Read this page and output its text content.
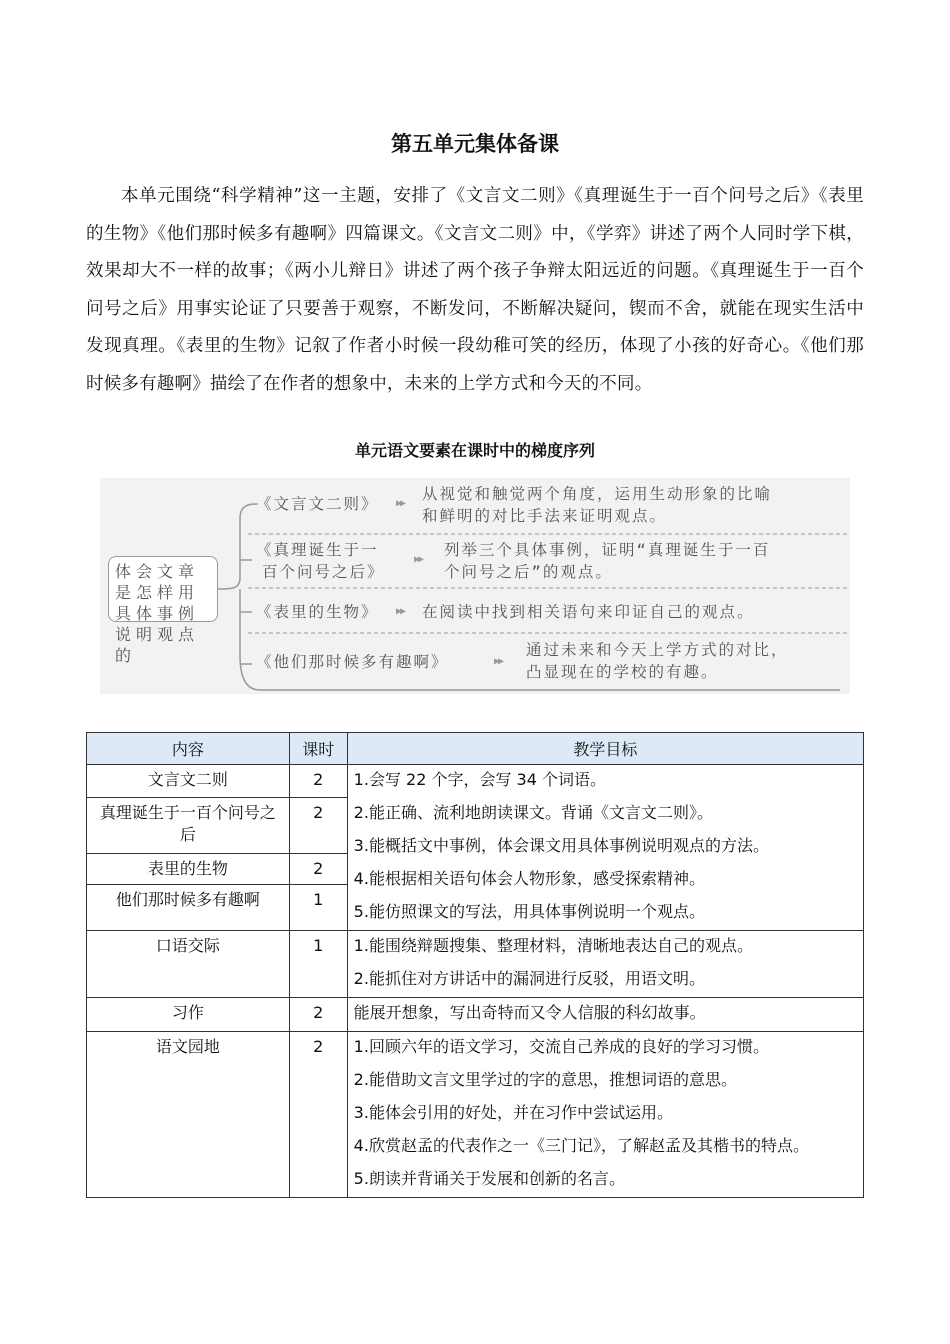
第五单元集体备课

本单元围绕“科学精神”这一主题，安排了《文言文二则》《真理诞生于一百个问号之后》《表里的生物》《他们那时候多有趣啊》四篇课文。《文言文二则》中，《学弈》讲述了两个人同时学下棋，效果却大不一样的故事；《两小儿辩日》讲述了两个孩子争辩太阳远近的问题。《真理诞生于一百个问号之后》用事实论证了只要善于观察，不断发问，不断解决疑问，锲而不舍，就能在现实生活中发现真理。《表里的生物》记叙了作者小时候一段幼稚可笑的经历，体现了小孩的好奇心。《他们那时候多有趣啊》描绘了在作者的想象中，未来的上学方式和今天的不同。

单元语文要素在课时中的梯度序列
体会文章是怎样用具体事例说明观点的
《文言文二则》 ▶▶
从视觉和触觉两个角度，运用生动形象的比喻
和鲜明的对比手法来证明观点。
《真理诞生于一
百个问号之后》
▶▶
列举三个具体事例，证明“真理诞生于一百
个问号之后”的观点。
《表里的生物》 ▶▶ 在阅读中找到相关语句来印证自己的观点。
《他们那时候多有趣啊》	▶▶
通过未来和今天上学方式的对比，
凸显现在的学校的有趣。
内容	课时	教学目标
文言文二则	2	1.会写 22 个字，会写 34 个词语。
2.能正确、流利地朗读课文。背诵《文言文二则》。
3.能概括文中事例，体会课文用具体事例说明观点的方法。
4.能根据相关语句体会人物形象，感受探索精神。
5.能仿照课文的写法，用具体事例说明一个观点。

真理诞生于一百个问号之后	2	
表里的生物	2	
他们那时候多有趣啊	1	
口语交际	1	1.能围绕辩题搜集、整理材料，清晰地表达自己的观点。
2.能抓住对方讲话中的漏洞进行反驳，用语文明。

习作	2	能展开想象，写出奇特而又令人信服的科幻故事。

语文园地	2	1.回顾六年的语文学习，交流自己养成的良好的学习习惯。
2.能借助文言文里学过的字的意思，推想词语的意思。
3.能体会引用的好处，并在习作中尝试运用。
4.欣赏赵孟的代表作之一《三门记》，了解赵孟及其楷书的特点。
5.朗读并背诵关于发展和创新的名言。
